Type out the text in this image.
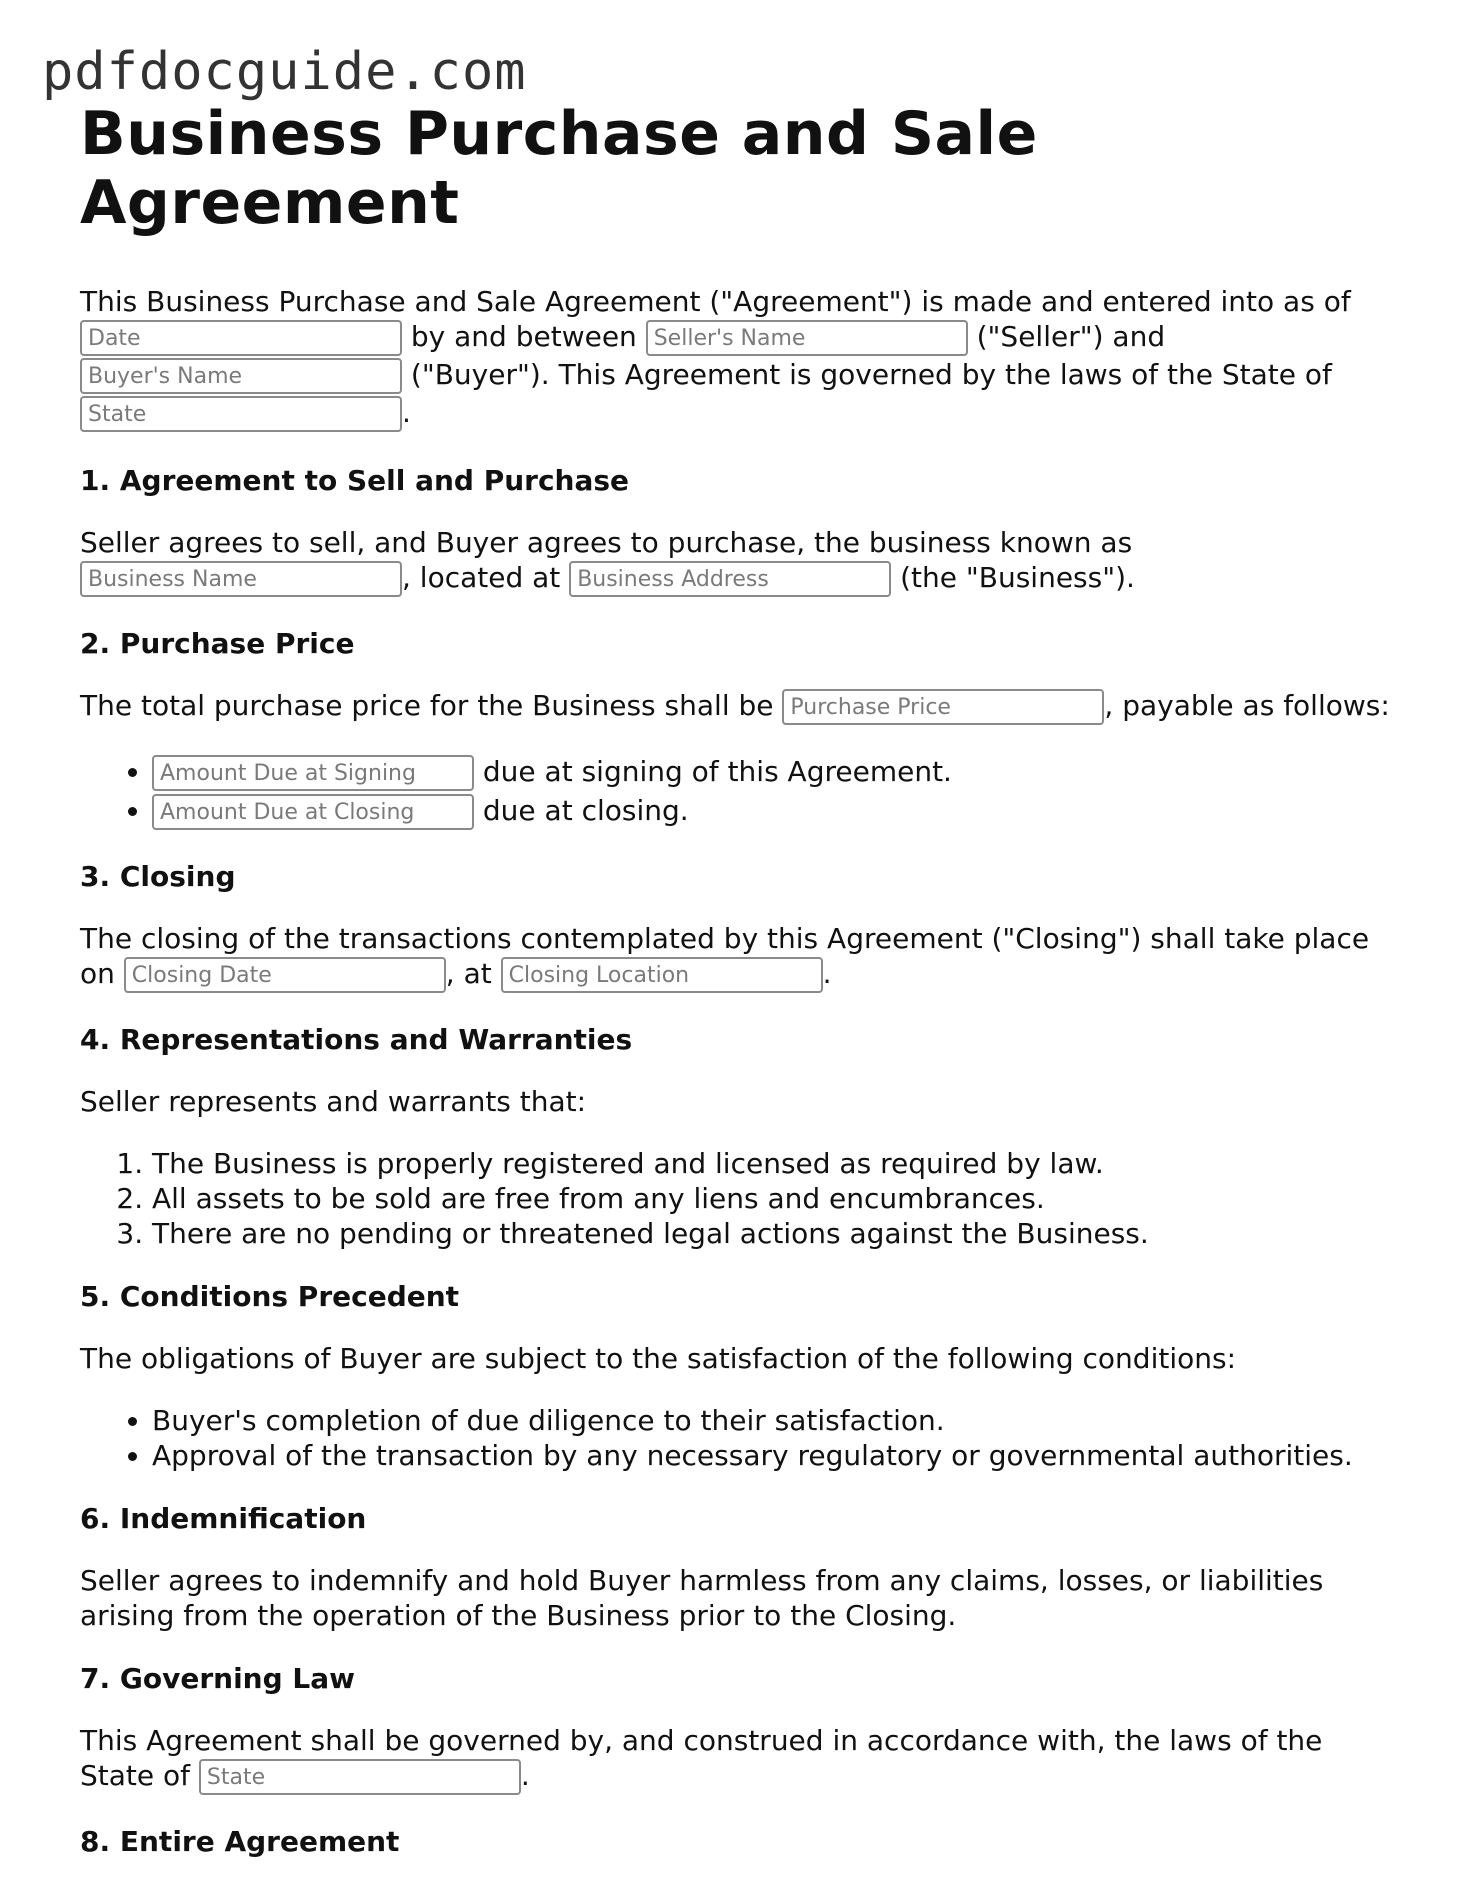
pdfdocguide.com
Business Purchase and Sale Agreement

This Business Purchase and Sale Agreement ("Agreement") is made and entered into as of Date by and between Seller's Name	("Seller") and Buyer's Name ("Buyer"). This Agreement is governed by the laws of the State of State.

1. Agreement to Sell and Purchase

Seller agrees to sell, and Buyer agrees to purchase, the business known as Business Name, located at Business Address	(the "Business").

2. Purchase Price

The total purchase price for the Business shall be Purchase Price	, payable as follows:

Amount Due at Signing • due at signing of this Agreement.
Amount Due at Closing • due at closing.
3. Closing

The closing of the transactions contemplated by this Agreement ("Closing") shall take place on Closing Date	, at Closing Location	.

4. Representations and Warranties

Seller represents and warrants that:

1. The Business is properly registered and licensed as required by law.
2. All assets to be sold are free from any liens and encumbrances.
3. There are no pending or threatened legal actions against the Business.
5. Conditions Precedent

The obligations of Buyer are subject to the satisfaction of the following conditions:

• Buyer's completion of due diligence to their satisfaction.
• Approval of the transaction by any necessary regulatory or governmental authorities.
6. Indemnification

Seller agrees to indemnify and hold Buyer harmless from any claims, losses, or liabilities arising from the operation of the Business prior to the Closing.

7. Governing Law

This Agreement shall be governed by, and construed in accordance with, the laws of the State of State	.

8. Entire Agreement
